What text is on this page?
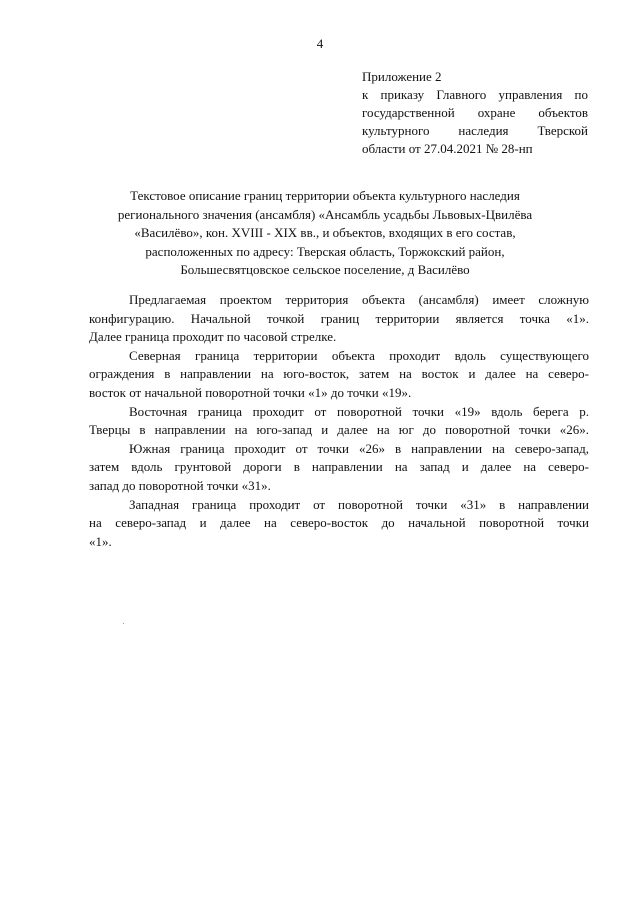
4
Приложение 2
к приказу Главного управления по
государственной охране объектов
культурного наследия Тверской
области от 27.04.2021 № 28-нп
Текстовое описание границ территории объекта культурного наследия
регионального значения (ансамбля) «Ансамбль усадьбы Львовых-Цвилёва
«Василёво», кон. XVIII - XIX вв., и объектов, входящих в его состав,
расположенных по адресу: Тверская область, Торжокский район,
Большесвятцовское сельское поселение, д Василёво
Предлагаемая проектом территория объекта (ансамбля) имеет сложную
конфигурацию. Начальной точкой границ территории является точка «1».
Далее граница проходит по часовой стрелке.
Северная граница территории объекта проходит вдоль существующего
ограждения в направлении на юго-восток, затем на восток и далее на северо-
восток от начальной поворотной точки «1» до точки «19».
Восточная граница проходит от поворотной точки «19» вдоль берега р.
Тверцы в направлении на юго-запад и далее на юг до поворотной точки «26».
Южная граница проходит от точки «26» в направлении на северо-запад,
затем вдоль грунтовой дороги в направлении на запад и далее на северо-
запад до поворотной точки «31».
Западная граница проходит от поворотной точки «31» в направлении
на северо-запад и далее на северо-восток до начальной поворотной точки
«1».
